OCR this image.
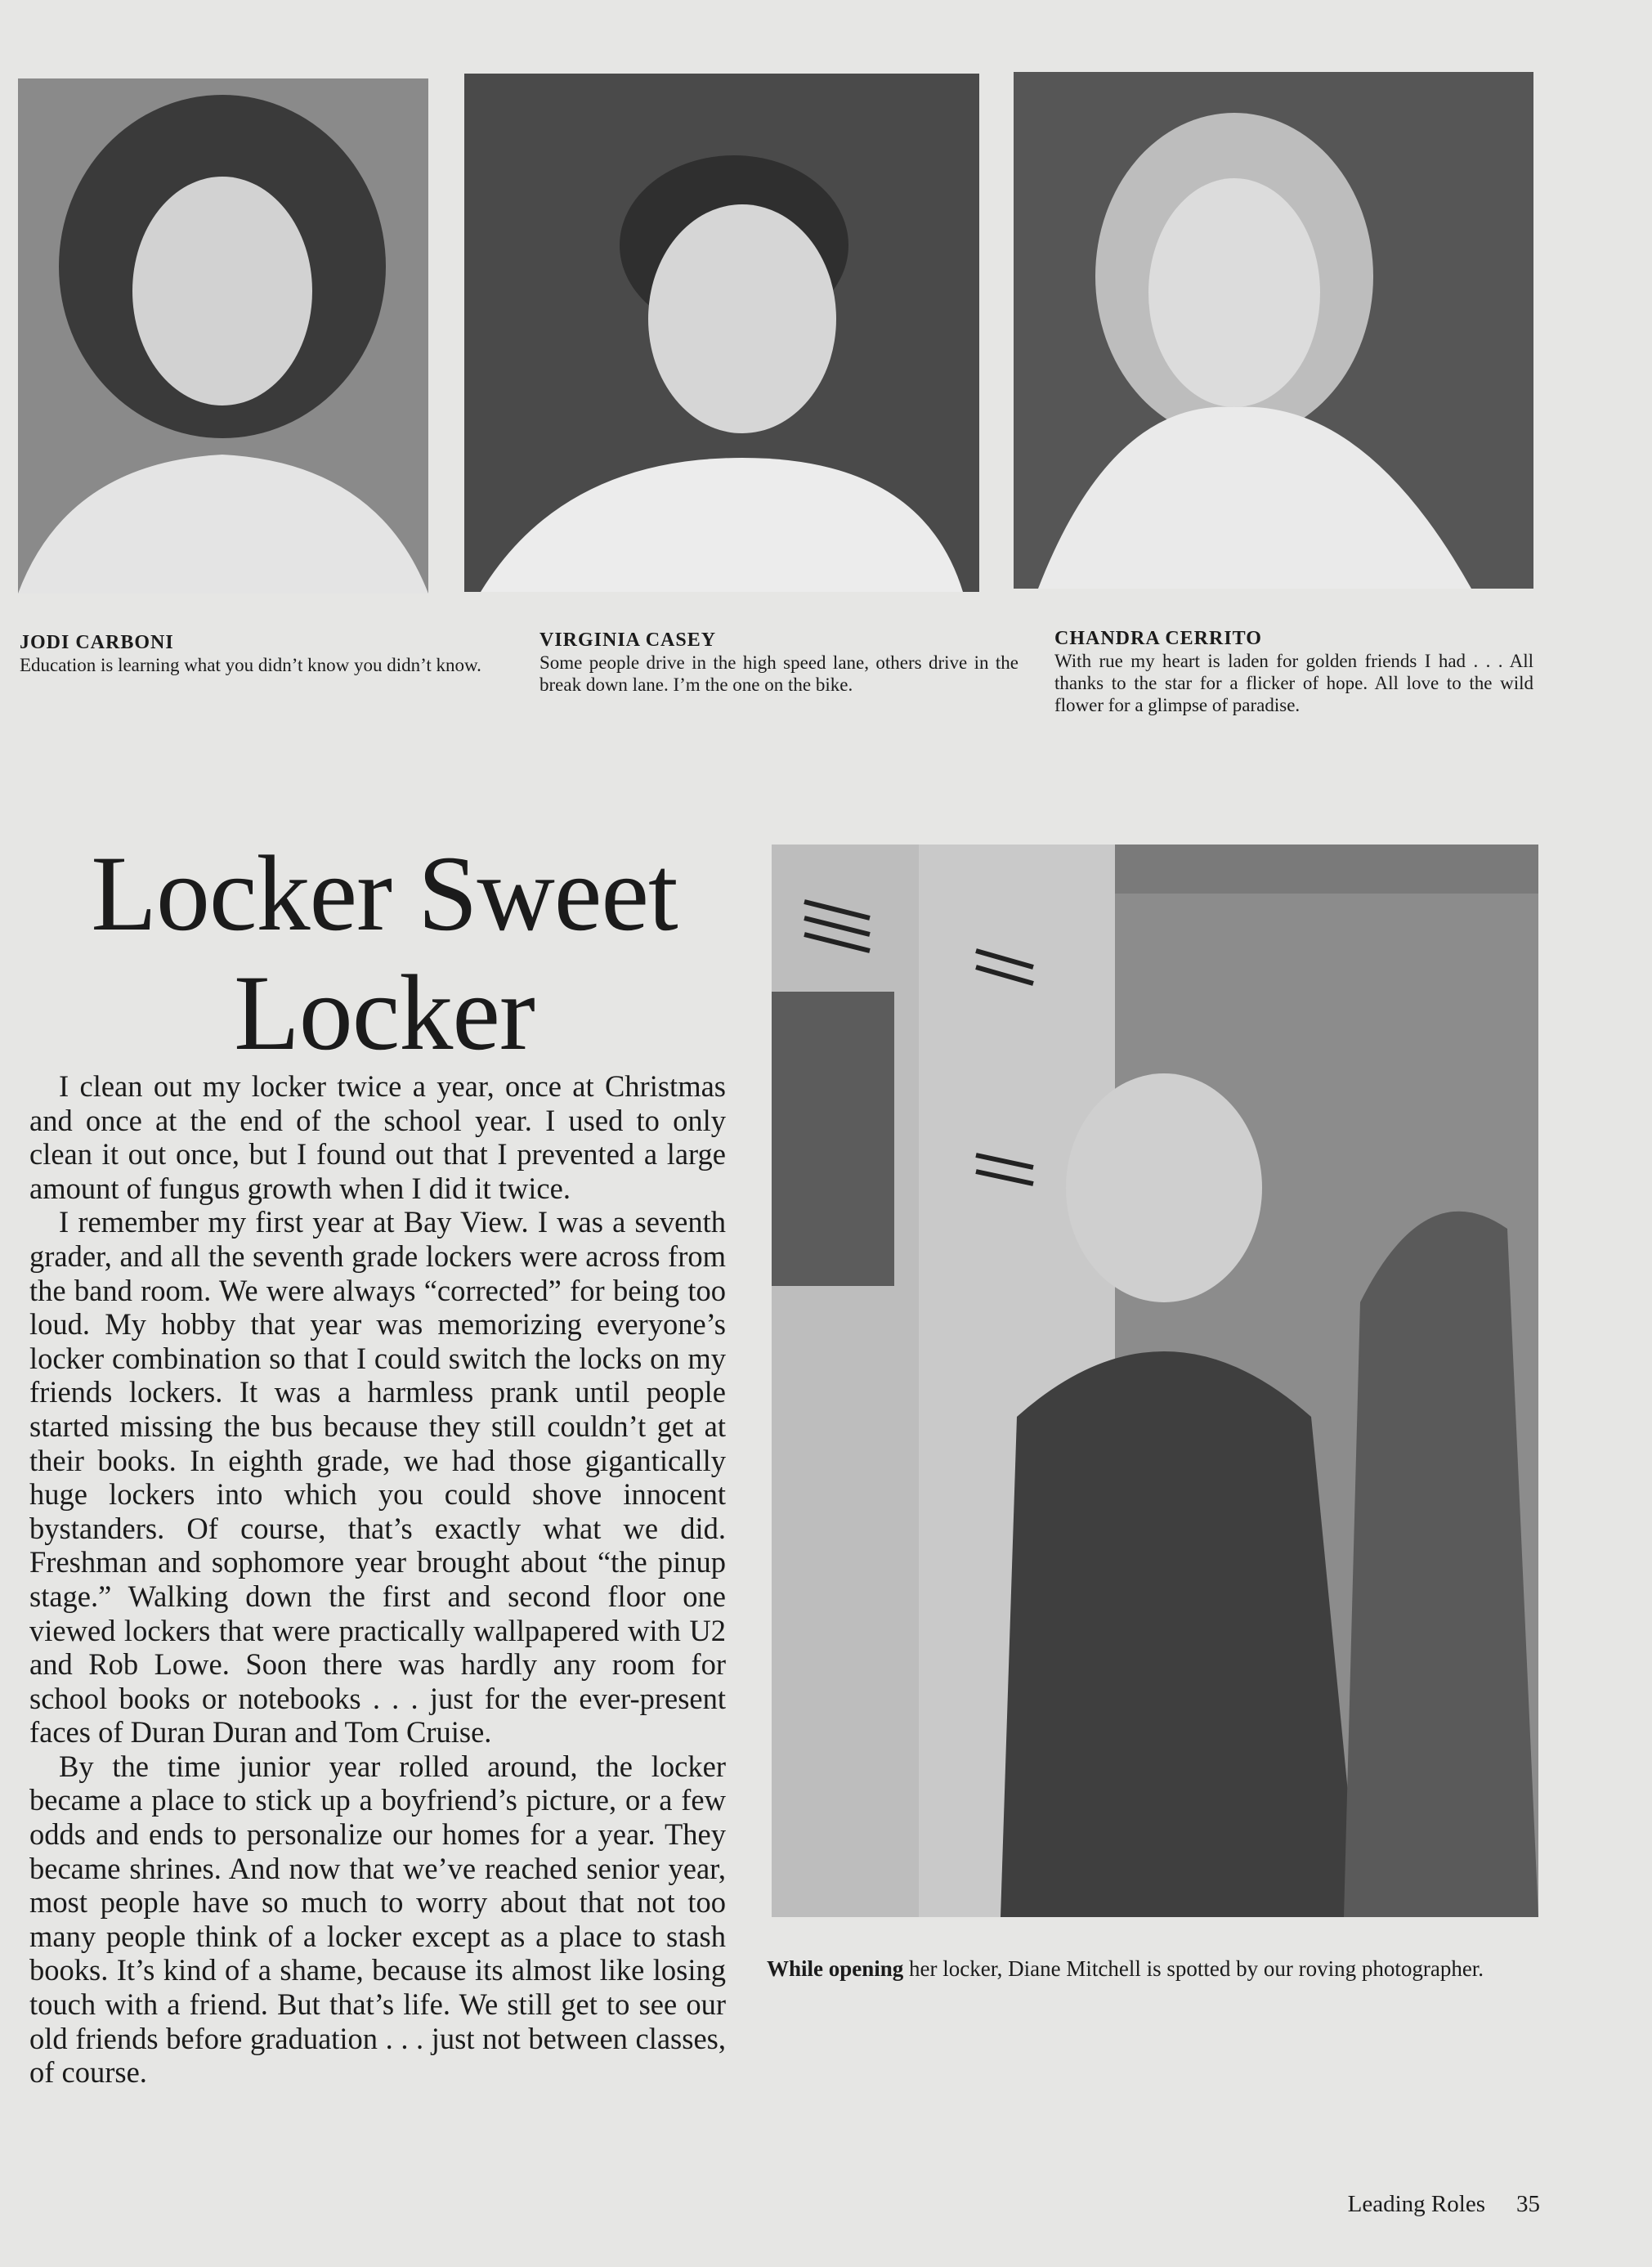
JODI CARBONI
Education is learning what you didn’t know you didn’t know.
VIRGINIA CASEY
Some people drive in the high speed lane, others drive in the break down lane. I’m the one on the bike.
CHANDRA CERRITO
With rue my heart is laden for golden friends I had . . . All thanks to the star for a flicker of hope. All love to the wild flower for a glimpse of paradise.
Locker Sweet
Locker

I clean out my locker twice a year, once at Christmas and once at the end of the school year. I used to only clean it out once, but I found out that I prevented a large amount of fungus growth when I did it twice.

I remember my first year at Bay View. I was a seventh grader, and all the seventh grade lockers were across from the band room. We were always “corrected” for being too loud. My hobby that year was memorizing everyone’s locker combination so that I could switch the locks on my friends lockers. It was a harmless prank until people started missing the bus because they still couldn’t get at their books. In eighth grade, we had those gigantically huge lockers into which you could shove innocent bystanders. Of course, that’s exactly what we did. Freshman and sophomore year brought about “the pinup stage.” Walking down the first and second floor one viewed lockers that were practically wallpapered with U2 and Rob Lowe. Soon there was hardly any room for school books or notebooks . . . just for the ever-present faces of Duran Duran and Tom Cruise.

By the time junior year rolled around, the locker became a place to stick up a boyfriend’s picture, or a few odds and ends to personalize our homes for a year. They became shrines. And now that we’ve reached senior year, most people have so much to worry about that not too many people think of a locker except as a place to stash books. It’s kind of a shame, because its almost like losing touch with a friend. But that’s life. We still get to see our old friends before graduation . . . just not between classes, of course.

While opening her locker, Diane Mitchell is spotted by our roving photographer.
Leading Roles 35
